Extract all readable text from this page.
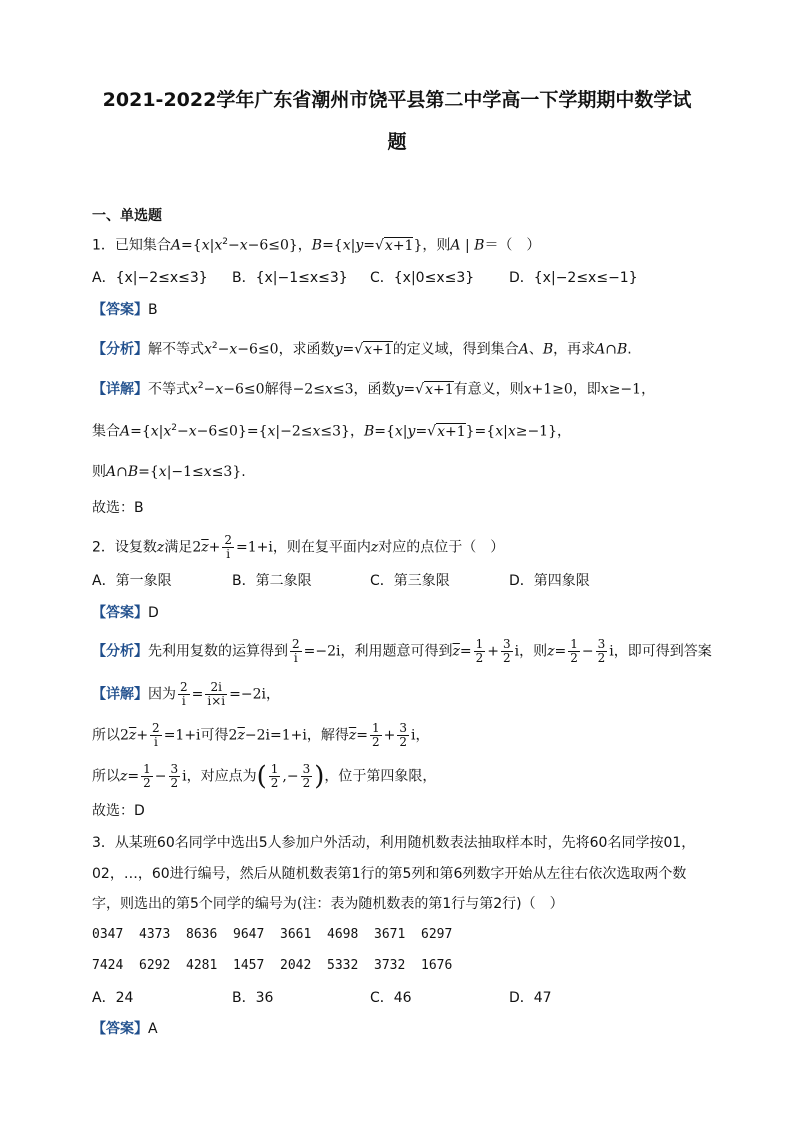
2021-2022学年广东省潮州市饶平县第二中学高一下学期期中数学试
题
一、单选题
1．已知集合$A=\{x|x^2-x-6\le 0\}$，B={x|y=√x+1}，则A | B＝（　）
A．{x|−2≤x≤3} B．{x|−1≤x≤3} C．{x|0≤x≤3} D．{x|−2≤x≤−1}
【答案】B
【分析】解不等式$x^2-x-6\le 0$，求函数y=√x+1的定义域，得到集合A、B，再求A∩B.
【详解】不等式$x^2-x-6\le 0$解得−2≤x≤3，函数y=√x+1有意义，则x+1≥0，即x≥−1，
集合$A=\{x|x^2-x-6\le 0\}=\{x|-2\le x\le 3\}$，B={x|y=√x+1}={x|x≥−1}，
则A∩B={x|−1≤x≤3}.
故选：B
2．设复数z满足$2\overline{z}+ \frac{2}{i} =1+i$，则在复平面内z对应的点位于（　）
A．第一象限	B．第二象限	C．第三象限	D．第四象限
【答案】D
【分析】先利用复数的运算得到 $\frac{2}{i} =-2i$，利用题意可得到$\overline{z}= \frac{1}{2} + \frac{3}{2}$ i，则$z= \frac{1}{2} - \frac{3}{2}$ i，即可得到答案
【详解】因为 $\frac{2}{i} = \frac{2i}{i\times i} =-2i$，
所以$2\overline{z}+ \frac{2}{i} =1+i$可得$2\overline{z}-2i=1+i$，解得$\overline{z}= \frac{1}{2} + \frac{3}{2}$ i，
所以$z= \frac{1}{2} - \frac{3}{2}$ i，对应点为( $\frac{1}{2}$ ,− $\frac{3}{2}$ )，位于第四象限，
故选：D
3．从某班60名同学中选出5人参加户外活动，利用随机数表法抽取样本时，先将60名同学按01，
02，…，60进行编号，然后从随机数表第1行的第5列和第6列数字开始从左往右依次选取两个数
字，则选出的第5个同学的编号为(注：表为随机数表的第1行与第2行)（　）
0347 4373 8636 9647 3661 4698 3671 6297
7424 6292 4281 1457 2042 5332 3732 1676
A．24	B．36	C．46	D．47
【答案】A
